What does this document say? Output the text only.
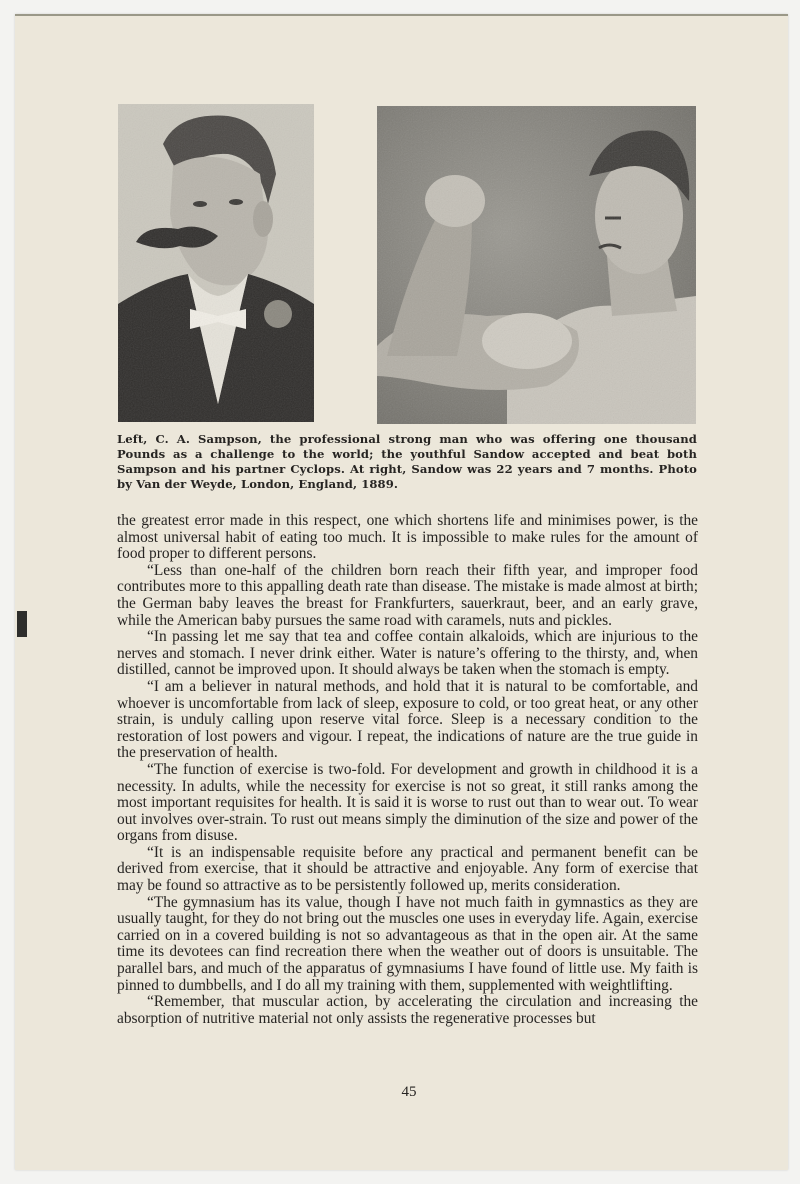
Left, C. A. Sampson, the professional strong man who was offering one thousand Pounds as a challenge to the world; the youthful Sandow accepted and beat both Sampson and his partner Cyclops. At right, Sandow was 22 years and 7 months. Photo by Van der Weyde, London, England, 1889.

the greatest error made in this respect, one which shortens life and minimises power, is the almost universal habit of eating too much. It is impossible to make rules for the amount of food proper to different persons.

“Less than one-half of the children born reach their fifth year, and improper food contributes more to this appalling death rate than disease. The mistake is made almost at birth; the German baby leaves the breast for Frankfurters, sauerkraut, beer, and an early grave, while the American baby pursues the same road with caramels, nuts and pickles.

“In passing let me say that tea and coffee contain alkaloids, which are injurious to the nerves and stomach. I never drink either. Water is nature’s offering to the thirsty, and, when distilled, cannot be improved upon. It should always be taken when the stomach is empty.

“I am a believer in natural methods, and hold that it is natural to be comfortable, and whoever is uncomfortable from lack of sleep, exposure to cold, or too great heat, or any other strain, is unduly calling upon reserve vital force. Sleep is a necessary condition to the restoration of lost powers and vigour. I repeat, the indications of nature are the true guide in the preservation of health.

“The function of exercise is two-fold. For development and growth in childhood it is a necessity. In adults, while the necessity for exercise is not so great, it still ranks among the most important requisites for health. It is said it is worse to rust out than to wear out. To wear out involves over-strain. To rust out means simply the diminution of the size and power of the organs from disuse.

“It is an indispensable requisite before any practical and permanent benefit can be derived from exercise, that it should be attractive and enjoyable. Any form of exercise that may be found so attractive as to be persistently followed up, merits consideration.

“The gymnasium has its value, though I have not much faith in gymnastics as they are usually taught, for they do not bring out the muscles one uses in everyday life. Again, exercise carried on in a covered building is not so advantageous as that in the open air. At the same time its devotees can find recreation there when the weather out of doors is unsuitable. The parallel bars, and much of the apparatus of gymnasiums I have found of little use. My faith is pinned to dumbbells, and I do all my training with them, supplemented with weightlifting.

“Remember, that muscular action, by accelerating the circulation and increasing the absorption of nutritive material not only assists the regenerative processes but

45
